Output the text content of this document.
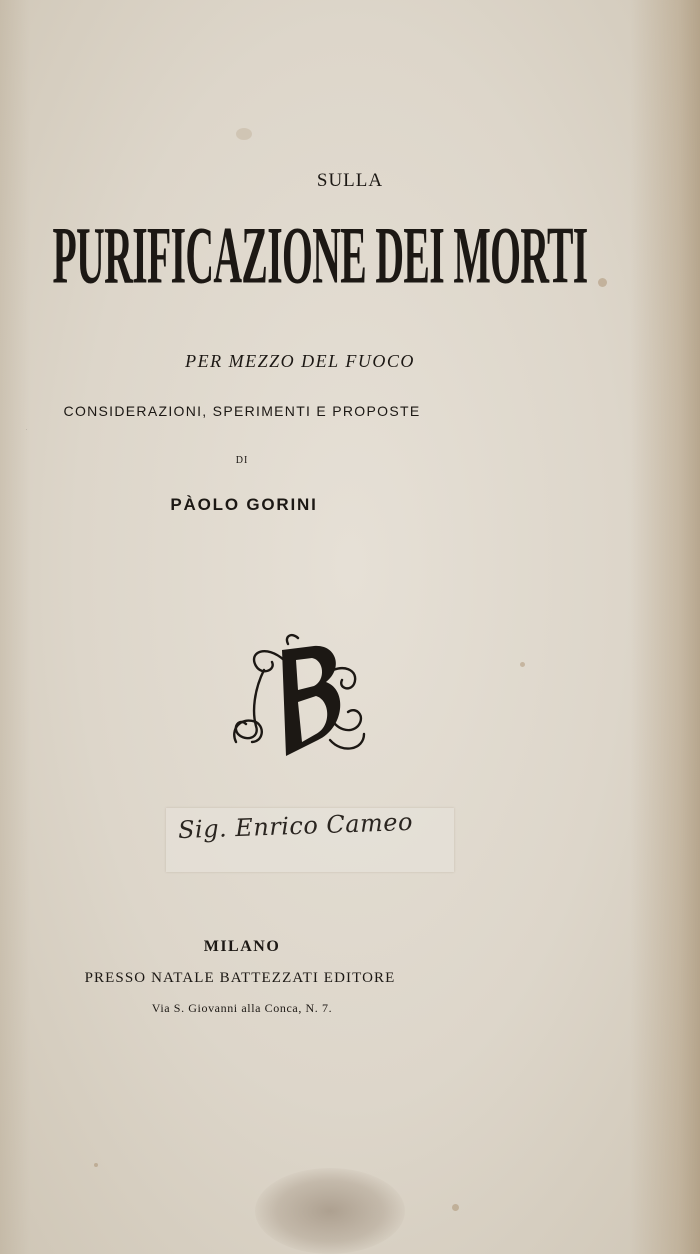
SULLA

PURIFICAZIONE DEI MORTI

PER MEZZO DEL FUOCO

CONSIDERAZIONI, SPERIMENTI E PROPOSTE

DI

PÀOLO GORINI

B
Sig. Enrico Cameo

MILANO

PRESSO NATALE BATTEZZATI EDITORE

Via S. Giovanni alla Conca, N. 7.
